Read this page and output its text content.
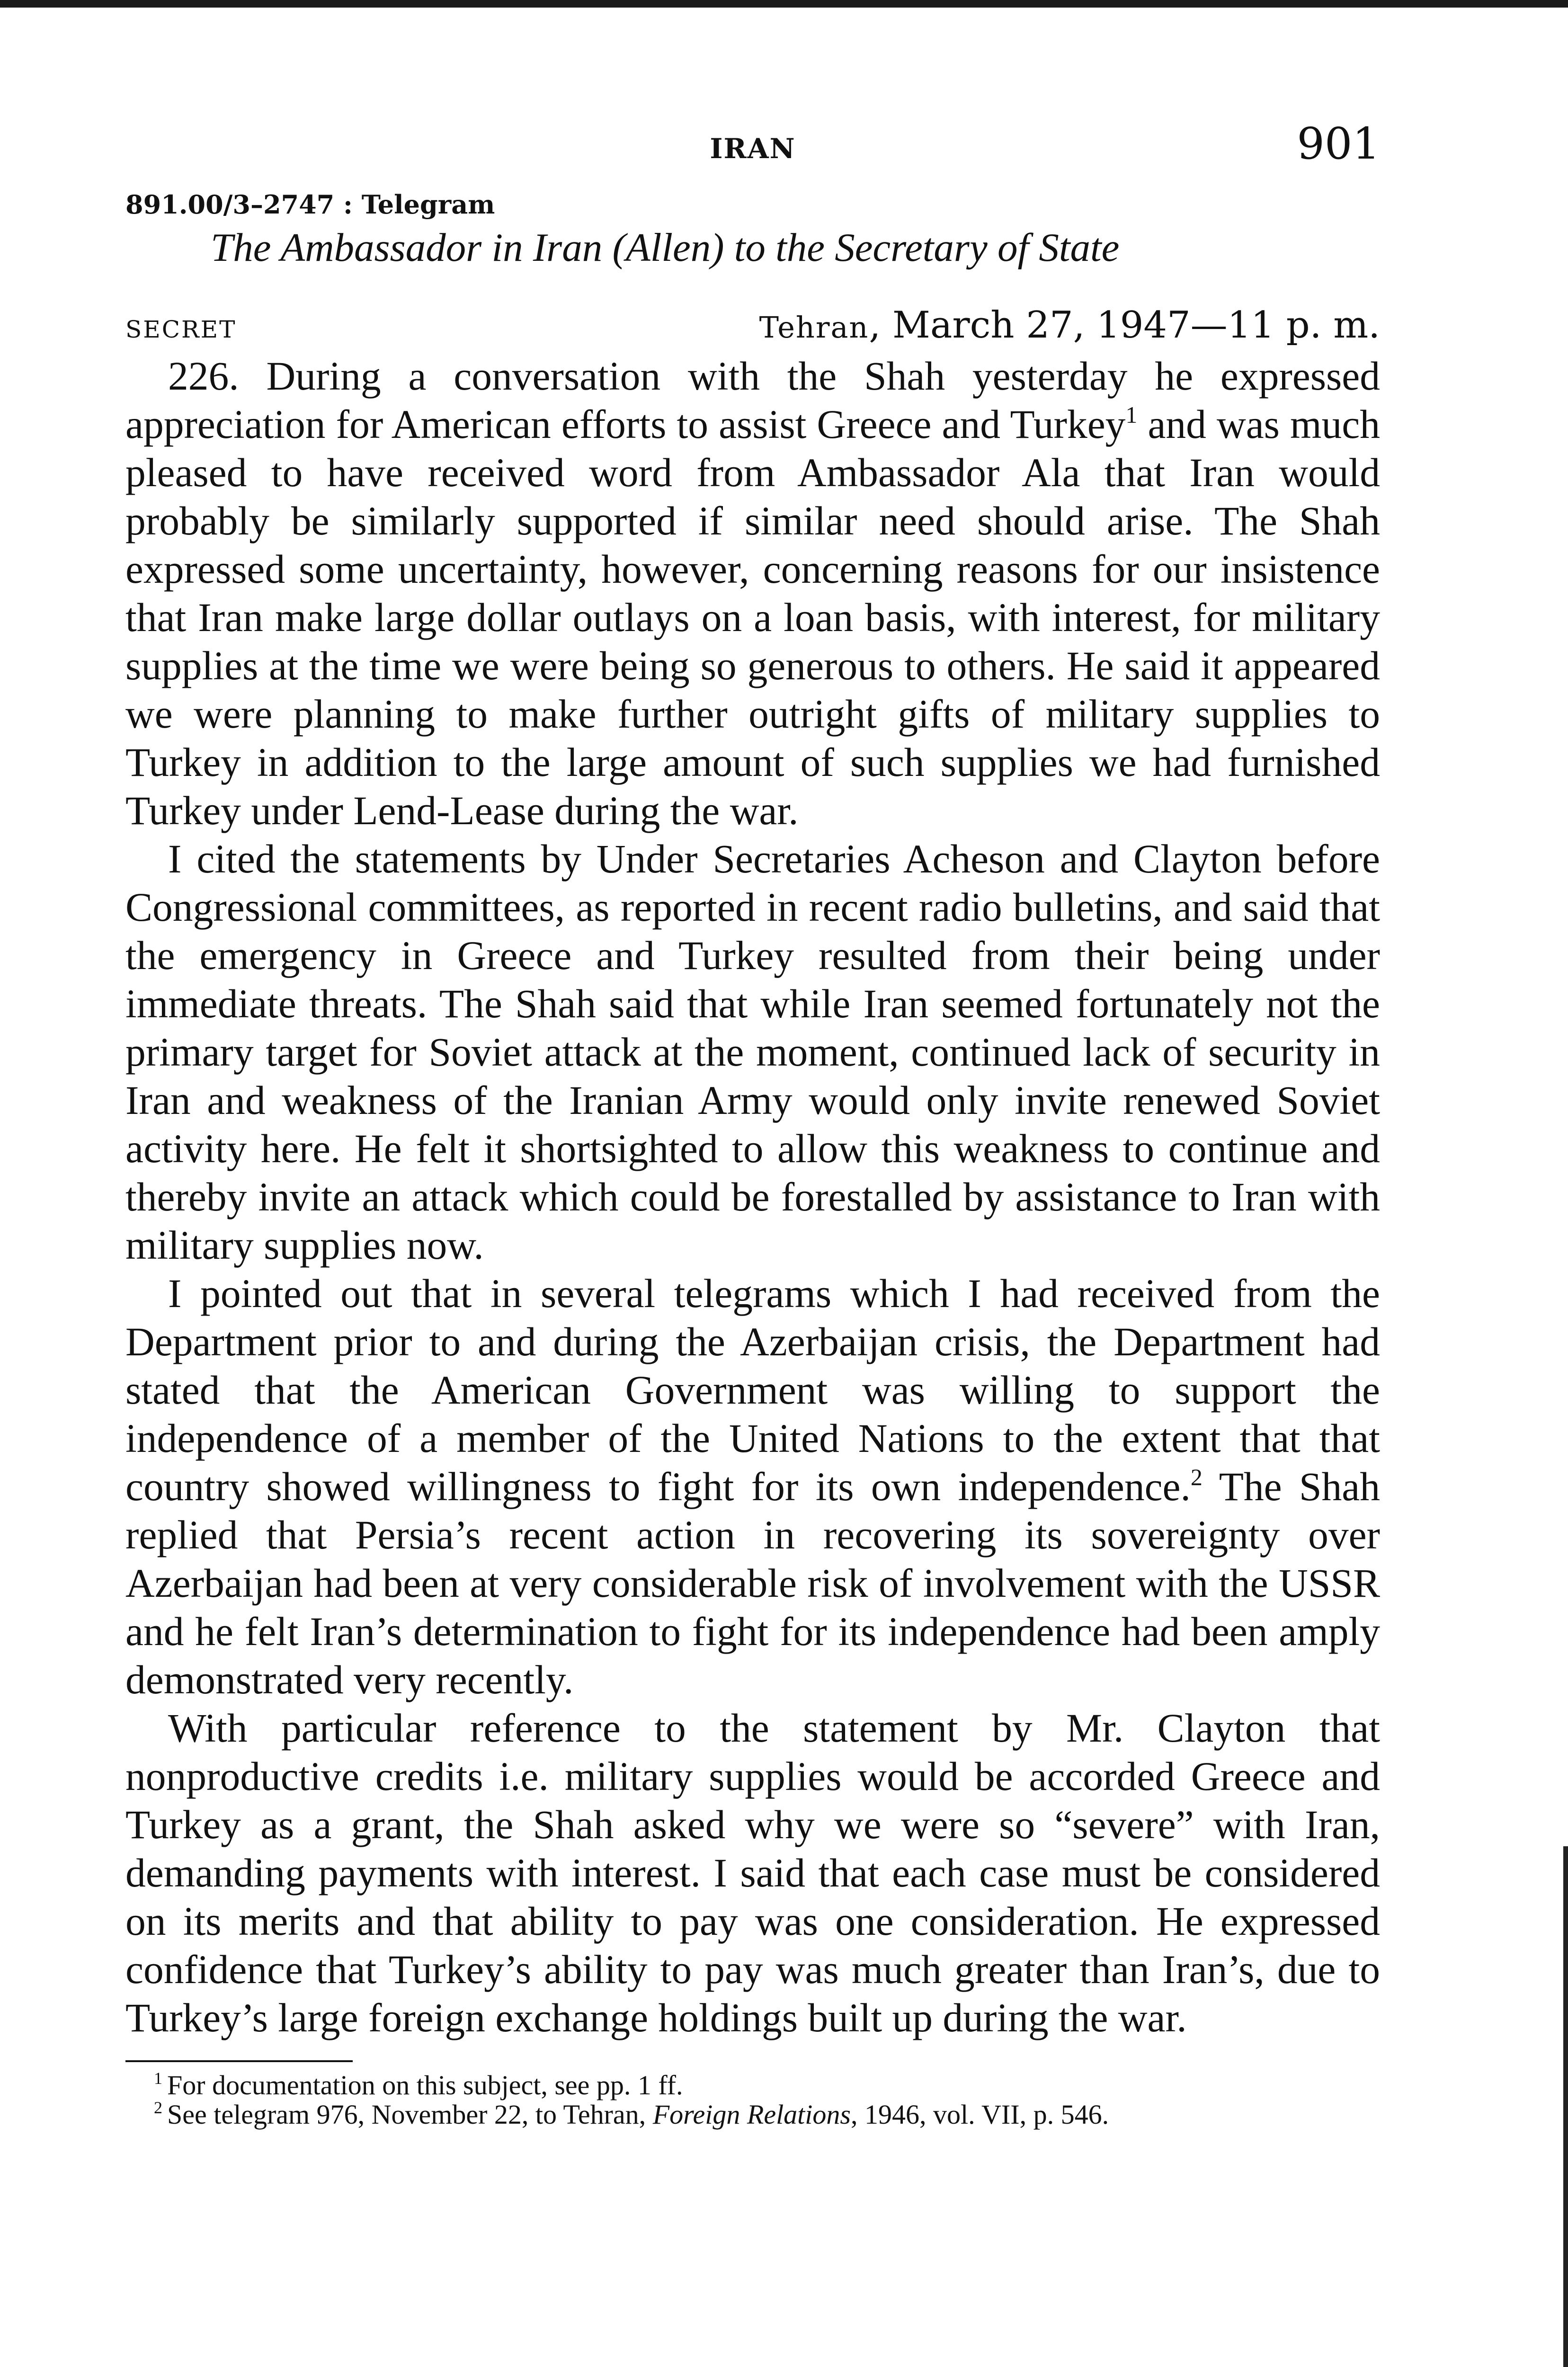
IRAN	901
891.00/3–2747 : Telegram
The Ambassador in Iran (Allen) to the Secretary of State
SECRET	Tehran, March 27, 1947—11 p. m.

226. During a conversation with the Shah yesterday he expressed appreciation for American efforts to assist Greece and Turkey$^1$ and was much pleased to have received word from Ambassador Ala that Iran would probably be similarly supported if similar need should arise. The Shah expressed some uncertainty, however, concerning reasons for our insistence that Iran make large dollar outlays on a loan basis, with interest, for military supplies at the time we were being so generous to others. He said it appeared we were planning to make further outright gifts of military supplies to Turkey in addition to the large amount of such supplies we had furnished Turkey under Lend-Lease during the war.

I cited the statements by Under Secretaries Acheson and Clayton before Congressional committees, as reported in recent radio bulletins, and said that the emergency in Greece and Turkey resulted from their being under immediate threats. The Shah said that while Iran seemed fortunately not the primary target for Soviet attack at the moment, continued lack of security in Iran and weakness of the Iranian Army would only invite renewed Soviet activity here. He felt it shortsighted to allow this weakness to continue and thereby invite an attack which could be forestalled by assistance to Iran with military supplies now.

I pointed out that in several telegrams which I had received from the Department prior to and during the Azerbaijan crisis, the Department had stated that the American Government was willing to support the independence of a member of the United Nations to the extent that that country showed willingness to fight for its own independence.$^2$ The Shah replied that Persia’s recent action in recovering its sovereignty over Azerbaijan had been at very considerable risk of involvement with the USSR and he felt Iran’s determination to fight for its independence had been amply demonstrated very recently.

With particular reference to the statement by Mr. Clayton that nonproductive credits i.e. military supplies would be accorded Greece and Turkey as a grant, the Shah asked why we were so “severe” with Iran, demanding payments with interest. I said that each case must be considered on its merits and that ability to pay was one consideration. He expressed confidence that Turkey’s ability to pay was much greater than Iran’s, due to Turkey’s large foreign exchange holdings built up during the war.

$^1$ For documentation on this subject, see pp. 1 ff.

$^2$ See telegram 976, November 22, to Tehran, Foreign Relations, 1946, vol. VII, p. 546.
